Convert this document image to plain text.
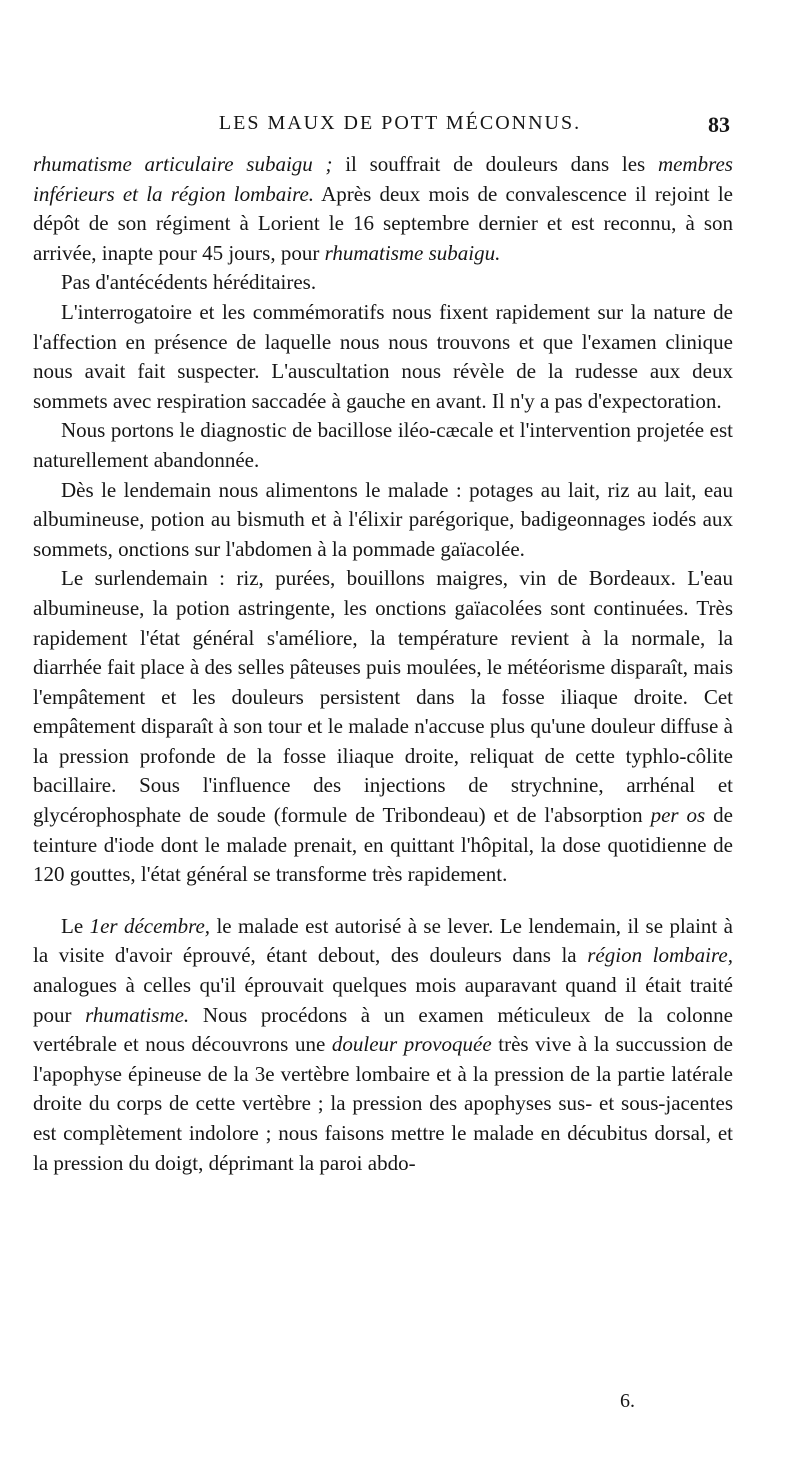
LES MAUX DE POTT MÉCONNUS.	83

rhumatisme articulaire subaigu ; il souffrait de douleurs dans les membres inférieurs et la région lombaire. Après deux mois de convalescence il rejoint le dépôt de son régiment à Lorient le 16 septembre dernier et est reconnu, à son arrivée, inapte pour 45 jours, pour rhumatisme subaigu.

Pas d'antécédents héréditaires.

L'interrogatoire et les commémoratifs nous fixent rapidement sur la nature de l'affection en présence de laquelle nous nous trouvons et que l'examen clinique nous avait fait suspecter. L'auscultation nous révèle de la rudesse aux deux sommets avec respiration saccadée à gauche en avant. Il n'y a pas d'expectoration.

Nous portons le diagnostic de bacillose iléo-cæcale et l'intervention projetée est naturellement abandonnée.

Dès le lendemain nous alimentons le malade : potages au lait, riz au lait, eau albumineuse, potion au bismuth et à l'élixir parégorique, badigeonnages iodés aux sommets, onctions sur l'abdomen à la pommade gaïacolée.

Le surlendemain : riz, purées, bouillons maigres, vin de Bordeaux. L'eau albumineuse, la potion astringente, les onctions gaïacolées sont continuées. Très rapidement l'état général s'améliore, la température revient à la normale, la diarrhée fait place à des selles pâteuses puis moulées, le météorisme disparaît, mais l'empâtement et les douleurs persistent dans la fosse iliaque droite. Cet empâtement disparaît à son tour et le malade n'accuse plus qu'une douleur diffuse à la pression profonde de la fosse iliaque droite, reliquat de cette typhlo-côlite bacillaire. Sous l'influence des injections de strychnine, arrhénal et glycérophosphate de soude (formule de Tribondeau) et de l'absorption per os de teinture d'iode dont le malade prenait, en quittant l'hôpital, la dose quotidienne de 120 gouttes, l'état général se transforme très rapidement.

Le 1er décembre, le malade est autorisé à se lever. Le lendemain, il se plaint à la visite d'avoir éprouvé, étant debout, des douleurs dans la région lombaire, analogues à celles qu'il éprouvait quelques mois auparavant quand il était traité pour rhumatisme. Nous procédons à un examen méticuleux de la colonne vertébrale et nous découvrons une douleur provoquée très vive à la succussion de l'apophyse épineuse de la 3e vertèbre lombaire et à la pression de la partie latérale droite du corps de cette vertèbre ; la pression des apophyses sus- et sous-jacentes est complètement indolore ; nous faisons mettre le malade en décubitus dorsal, et la pression du doigt, déprimant la paroi abdo-

6.
